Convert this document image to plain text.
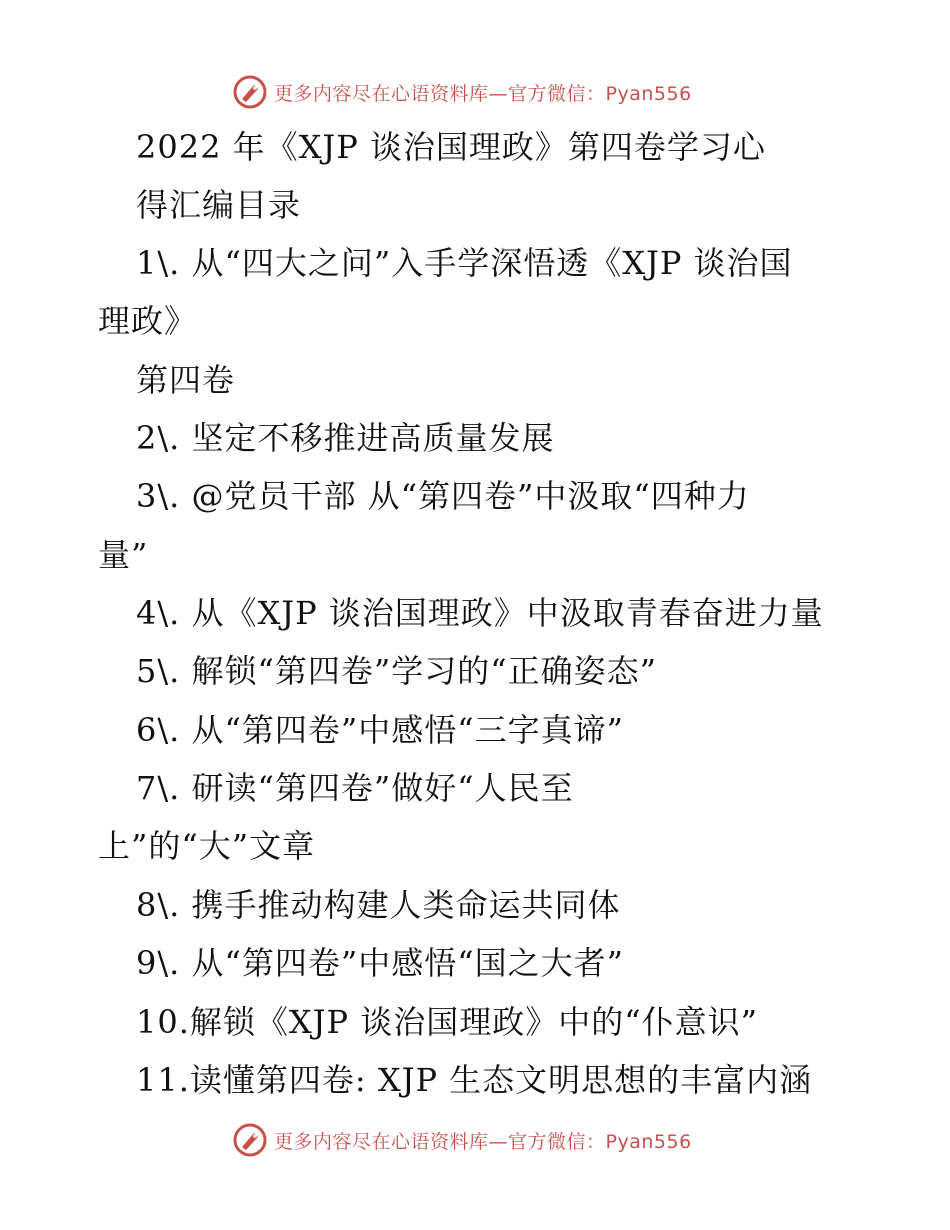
更多内容尽在心语资料库—官方微信：Pyan556
2022 年《XJP 谈治国理政》第四卷学习心
得汇编目录
1\. 从“四大之问”入手学深悟透《XJP 谈治国
理政》
第四卷
2\. 坚定不移推进高质量发展
3\. @党员干部 从“第四卷”中汲取“四种力
量”
4\. 从《XJP 谈治国理政》中汲取青春奋进力量
5\. 解锁“第四卷”学习的“正确姿态”
6\. 从“第四卷”中感悟“三字真谛”
7\. 研读“第四卷”做好“人民至
上”的“大”文章
8\. 携手推动构建人类命运共同体
9\. 从“第四卷”中感悟“国之大者”
10.解锁《XJP 谈治国理政》中的“仆意识”
11.读懂第四卷: XJP 生态文明思想的丰富内涵
更多内容尽在心语资料库—官方微信：Pyan556
